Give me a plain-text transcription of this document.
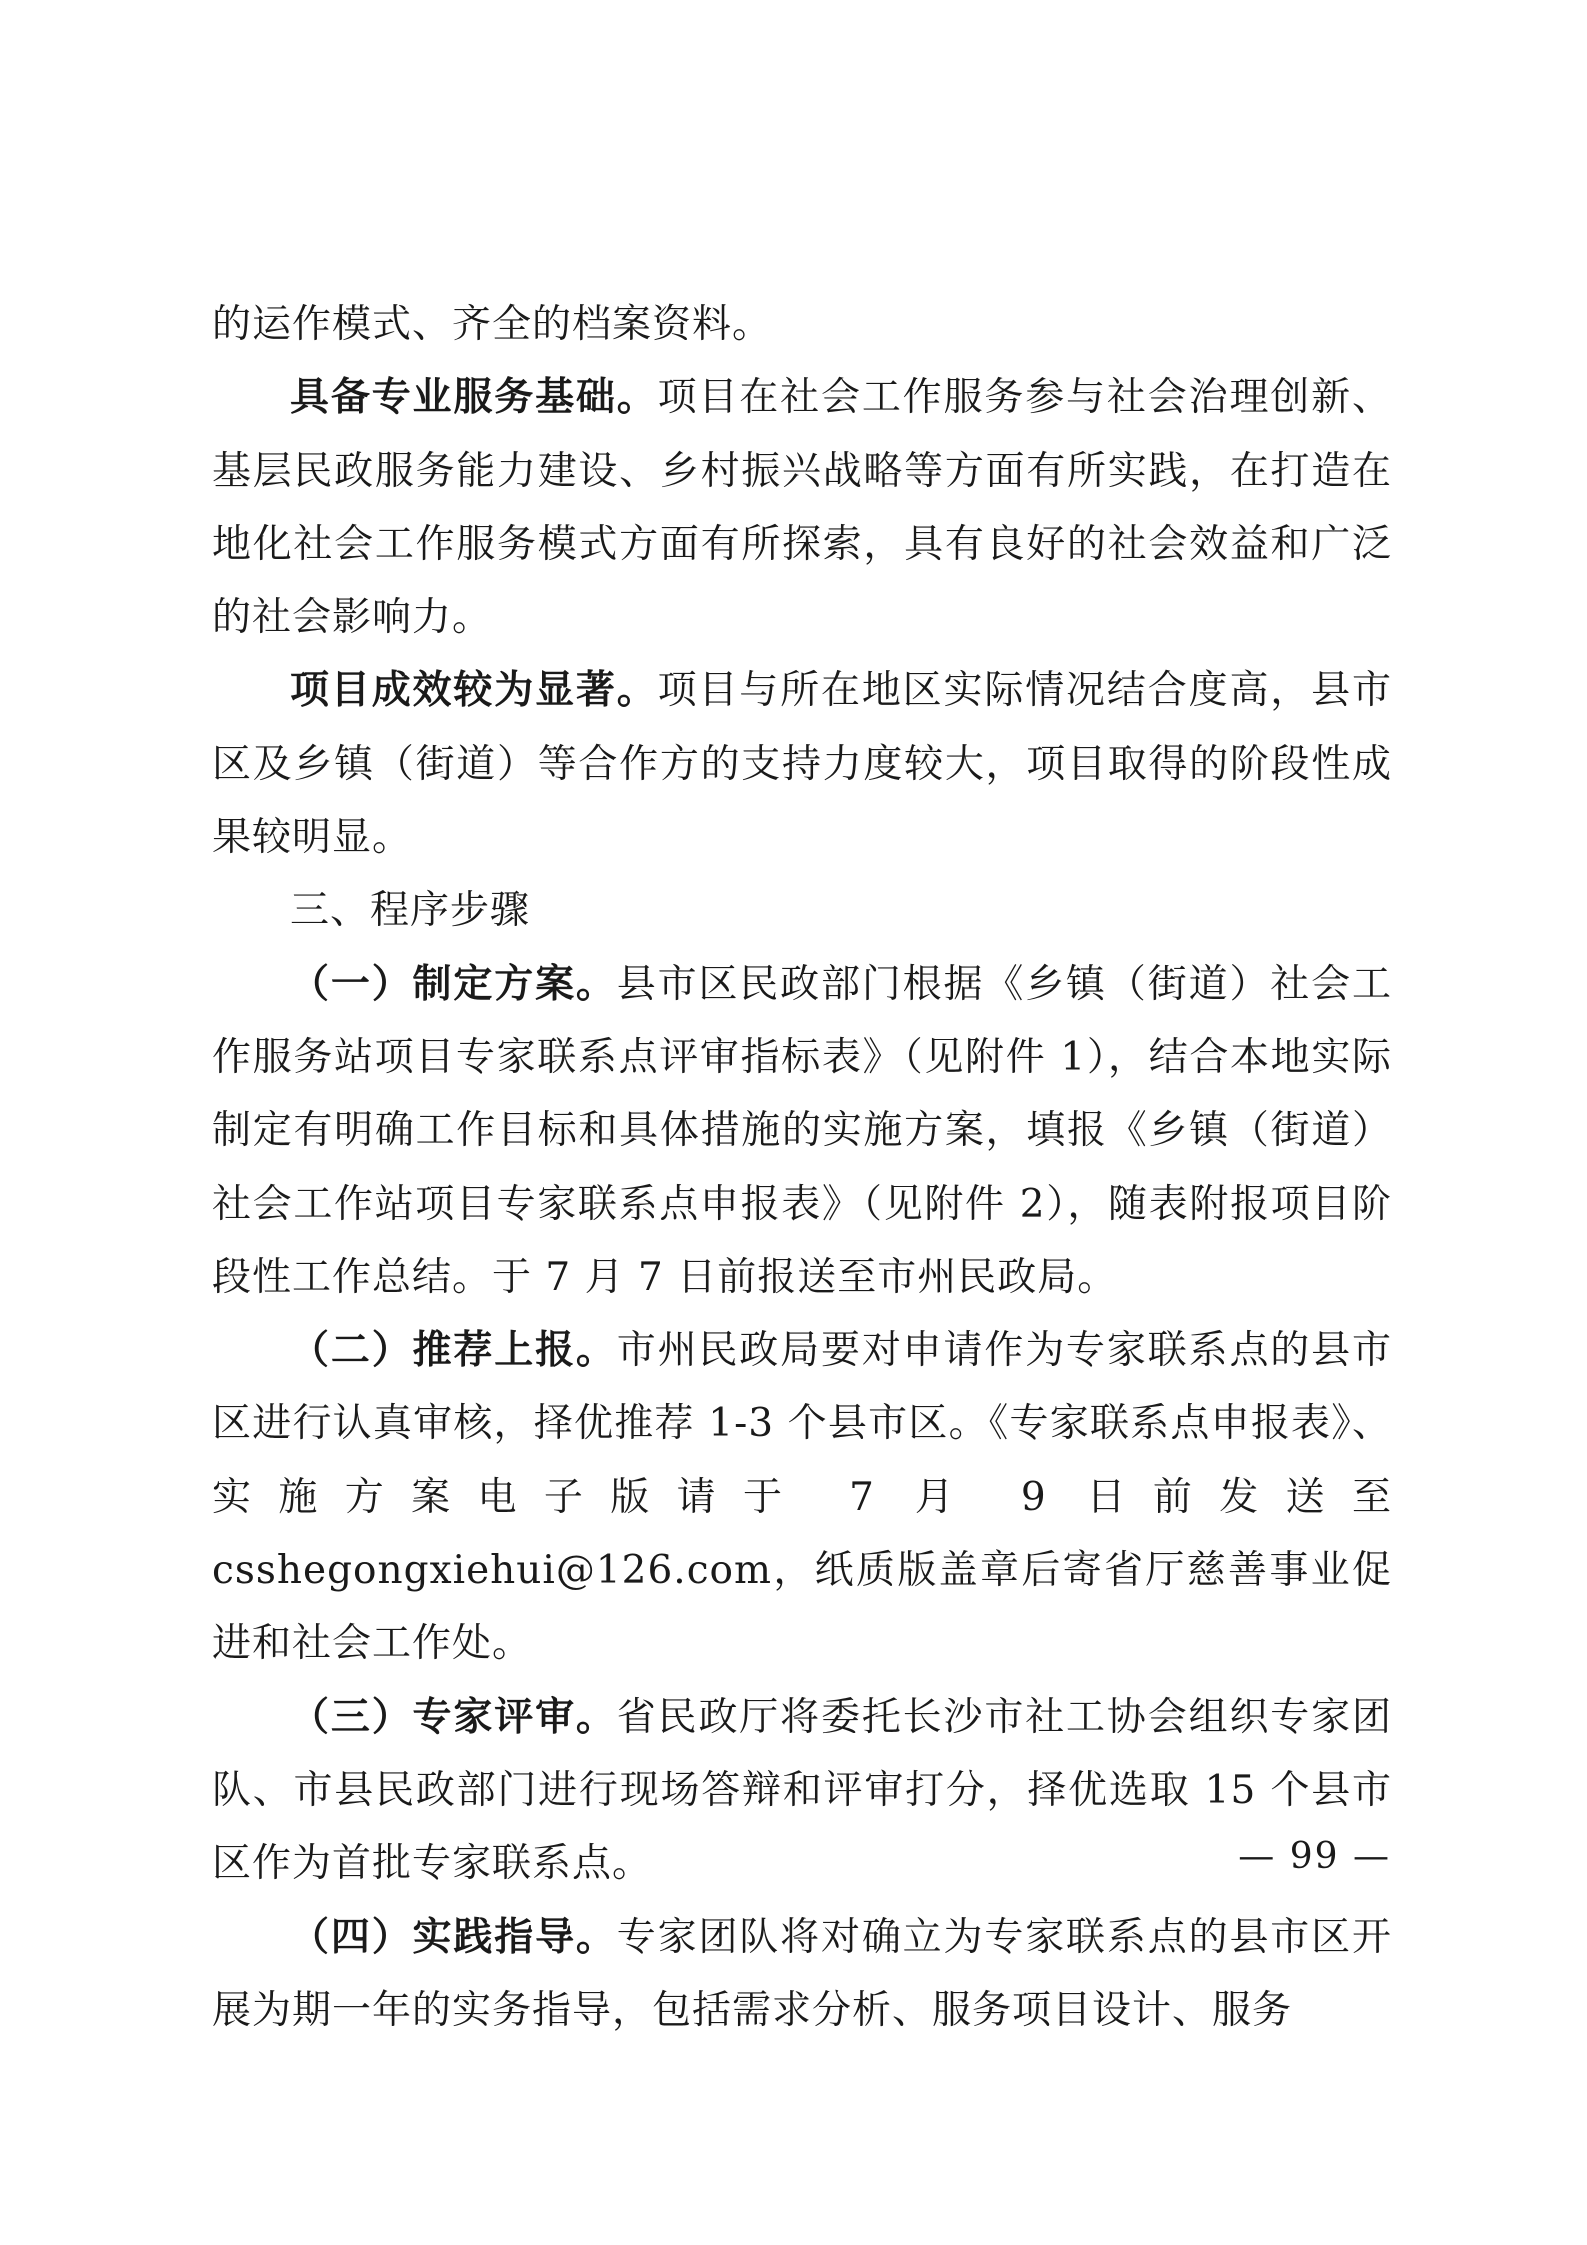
的运作模式、齐全的档案资料。

具备专业服务基础。项目在社会工作服务参与社会治理创新、基层民政服务能力建设、乡村振兴战略等方面有所实践，在打造在地化社会工作服务模式方面有所探索，具有良好的社会效益和广泛的社会影响力。

项目成效较为显著。项目与所在地区实际情况结合度高，县市区及乡镇（街道）等合作方的支持力度较大，项目取得的阶段性成果较明显。

三、程序步骤

（一）制定方案。县市区民政部门根据《乡镇（街道）社会工作服务站项目专家联系点评审指标表》（见附件 1），结合本地实际制定有明确工作目标和具体措施的实施方案，填报《乡镇（街道）社会工作站项目专家联系点申报表》（见附件 2），随表附报项目阶段性工作总结。于 7 月 7 日前报送至市州民政局。

（二）推荐上报。市州民政局要对申请作为专家联系点的县市区进行认真审核，择优推荐 1-3 个县市区。《专家联系点申报表》、实施方案电子版请于 7 月 9 日前发送至 csshegongxiehui@126.com，纸质版盖章后寄省厅慈善事业促进和社会工作处。

（三）专家评审。省民政厅将委托长沙市社工协会组织专家团队、市县民政部门进行现场答辩和评审打分，择优选取 15 个县市区作为首批专家联系点。

（四）实践指导。专家团队将对确立为专家联系点的县市区开展为期一年的实务指导，包括需求分析、服务项目设计、服务

— 99 —
